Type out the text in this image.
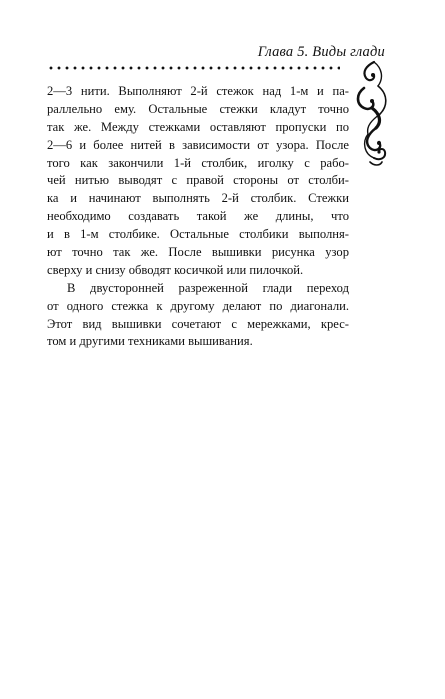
Глава 5. Виды глади

2—3 нити. Выполняют 2-й стежок над 1-м и па-
раллельно ему. Остальные стежки кладут точно
так же. Между стежками оставляют пропуски по
2—6 и более нитей в зависимости от узора. После
того как закончили 1-й столбик, иголку с рабо-
чей нитью выводят с правой стороны от столби-
ка и начинают выполнять 2-й столбик. Стежки
необходимо создавать такой же длины, что
и в 1-м столбике. Остальные столбики выполня-
ют точно так же. После вышивки рисунка узор
сверху и снизу обводят косичкой или пилочкой.

В двусторонней разреженной глади переход
от одного стежка к другому делают по диагонали.
Этот вид вышивки сочетают с мережками, крес-
том и другими техниками вышивания.
